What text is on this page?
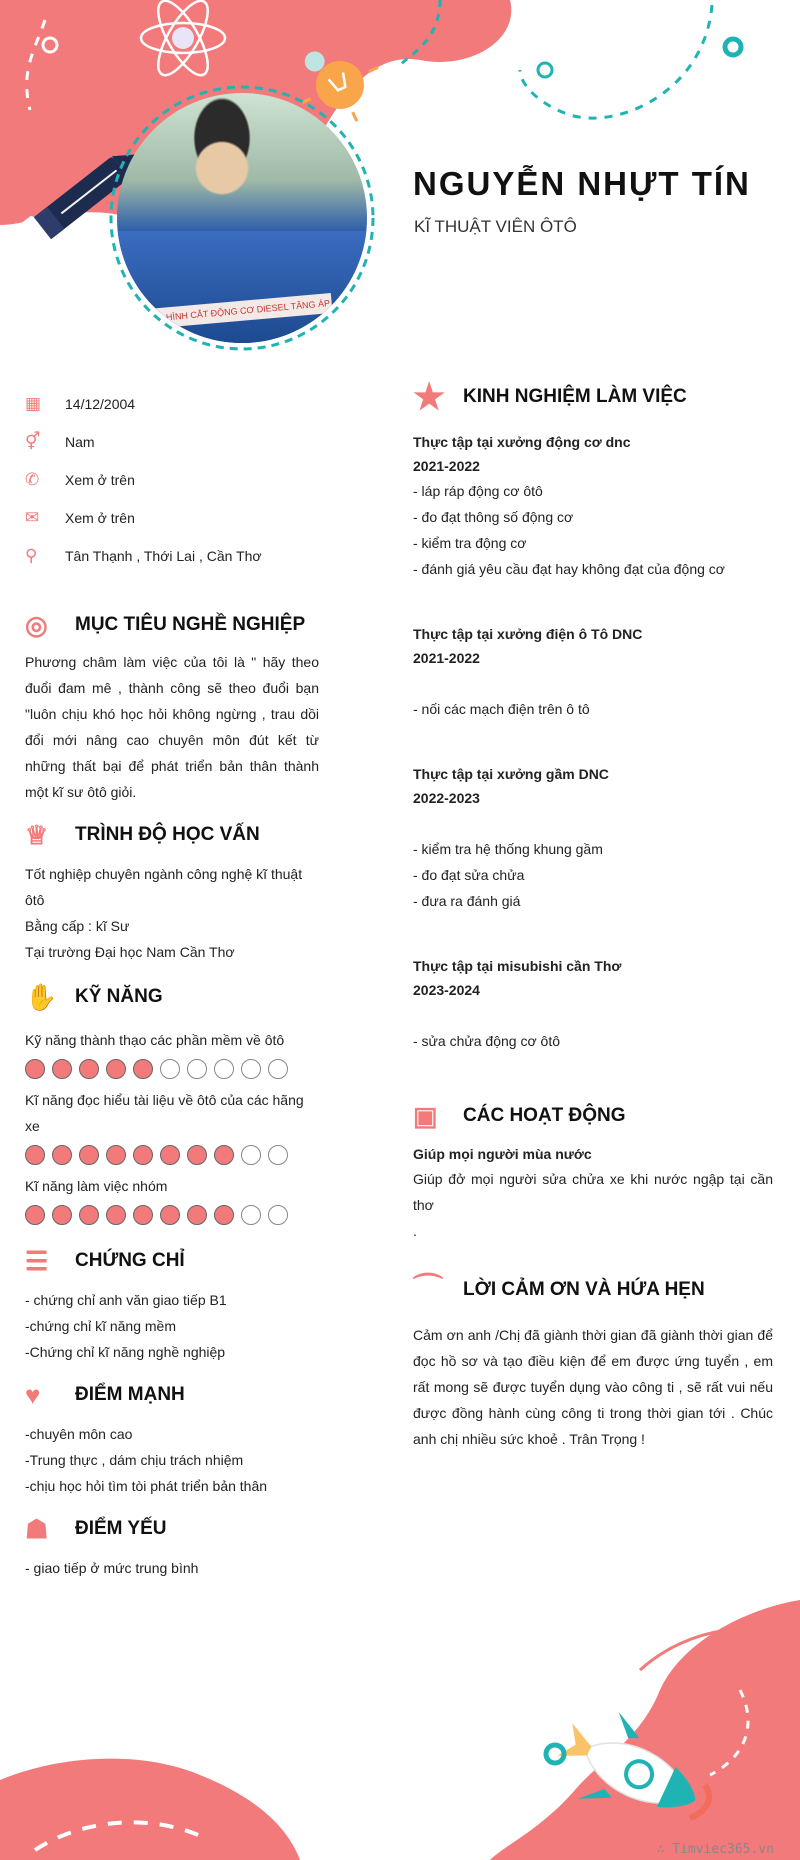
MÔ HÌNH CẮT ĐỘNG CƠ DIESEL TĂNG ÁP
NGUYỄN NHỰT TÍN
KĨ THUẬT VIÊN ÔTÔ
▦	14/12/2004
⚥	Nam
✆	Xem ở trên
✉	Xem ở trên
⚲	Tân Thạnh , Thới Lai , Cần Thơ
◎	MỤC TIÊU NGHỀ NGHIỆP

Phương châm làm việc của tôi là " hãy theo đuổi đam mê , thành công sẽ theo đuổi bạn "luôn chịu khó học hỏi không ngừng , trau dồi đổi mới nâng cao chuyên môn đút kết từ những thất bại để phát triển bản thân thành một kĩ sư ôtô giỏi.

♕	TRÌNH ĐỘ HỌC VẤN
Tốt nghiệp chuyên ngành công nghệ kĩ thuật ôtô
Bằng cấp : kĩ Sư
Tại trường Đại học Nam Cần Thơ
✋ KỸ NĂNG
Kỹ năng thành thạo các phần mềm về ôtô
Kĩ năng đọc hiểu tài liệu về ôtô của các hãng xe
Kĩ năng làm việc nhóm
☰	CHỨNG CHỈ
- chứng chỉ anh văn giao tiếp B1
-chứng chỉ kĩ năng mềm
-Chứng chỉ kĩ năng nghề nghiệp
♥	ĐIỂM MẠNH
-chuyên môn cao
-Trung thực , dám chịu trách nhiệm
-chịu học hỏi tìm tòi phát triển bản thân
☗	ĐIỂM YẾU
- giao tiếp ở mức trung bình
★ KINH NGHIỆM LÀM VIỆC
Thực tập tại xưởng động cơ dnc
2021-2022
- láp ráp động cơ ôtô
- đo đạt thông số động cơ
- kiểm tra động cơ
- đánh giá yêu cầu đạt hay không đạt của động cơ
Thực tập tại xưởng điện ô Tô DNC
2021-2022
- nối các mạch điện trên ô tô
Thực tập tại xưởng gầm DNC
2022-2023
- kiểm tra hệ thống khung gầm
- đo đạt sửa chửa
- đưa ra đánh giá
Thực tập tại misubishi cần Thơ
2023-2024
- sửa chửa động cơ ôtô
▣	CÁC HOẠT ĐỘNG
Giúp mọi người mùa nước

Giúp đở mọi người sửa chửa xe khi nước ngập tại cần thơ

.
⌒	LỜI CẢM ƠN VÀ HỨA HẸN

Cảm ơn anh /Chị đã giành thời gian đã giành thời gian để đọc hồ sơ và tạo điều kiện để em được ứng tuyển , em rất mong sẽ được tuyển dụng vào công ti , sẽ rất vui nếu được đồng hành cùng công ti trong thời gian tới . Chúc anh chị nhiều sức khoẻ . Trân Trọng !

∴ Timviec365.vn
